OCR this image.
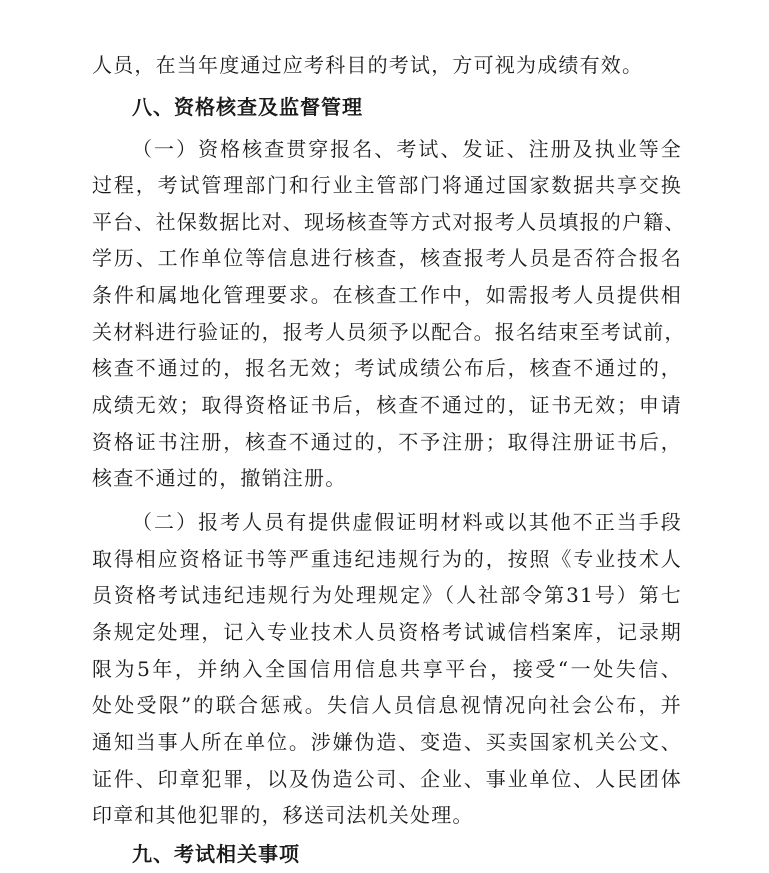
人员，在当年度通过应考科目的考试，方可视为成绩有效。
八、资格核查及监督管理
（一）资格核查贯穿报名、考试、发证、注册及执业等全
过程，考试管理部门和行业主管部门将通过国家数据共享交换
平台、社保数据比对、现场核查等方式对报考人员填报的户籍、
学历、工作单位等信息进行核查，核查报考人员是否符合报名
条件和属地化管理要求。在核查工作中，如需报考人员提供相
关材料进行验证的，报考人员须予以配合。报名结束至考试前，
核查不通过的，报名无效；考试成绩公布后，核查不通过的，
成绩无效；取得资格证书后，核查不通过的，证书无效；申请
资格证书注册，核查不通过的，不予注册；取得注册证书后，
核查不通过的，撤销注册。
（二）报考人员有提供虚假证明材料或以其他不正当手段
取得相应资格证书等严重违纪违规行为的，按照《专业技术人
员资格考试违纪违规行为处理规定》（人社部令第31号）第七
条规定处理，记入专业技术人员资格考试诚信档案库，记录期
限为5年，并纳入全国信用信息共享平台，接受“一处失信、
处处受限”的联合惩戒。失信人员信息视情况向社会公布，并
通知当事人所在单位。涉嫌伪造、变造、买卖国家机关公文、
证件、印章犯罪，以及伪造公司、企业、事业单位、人民团体
印章和其他犯罪的，移送司法机关处理。
九、考试相关事项
